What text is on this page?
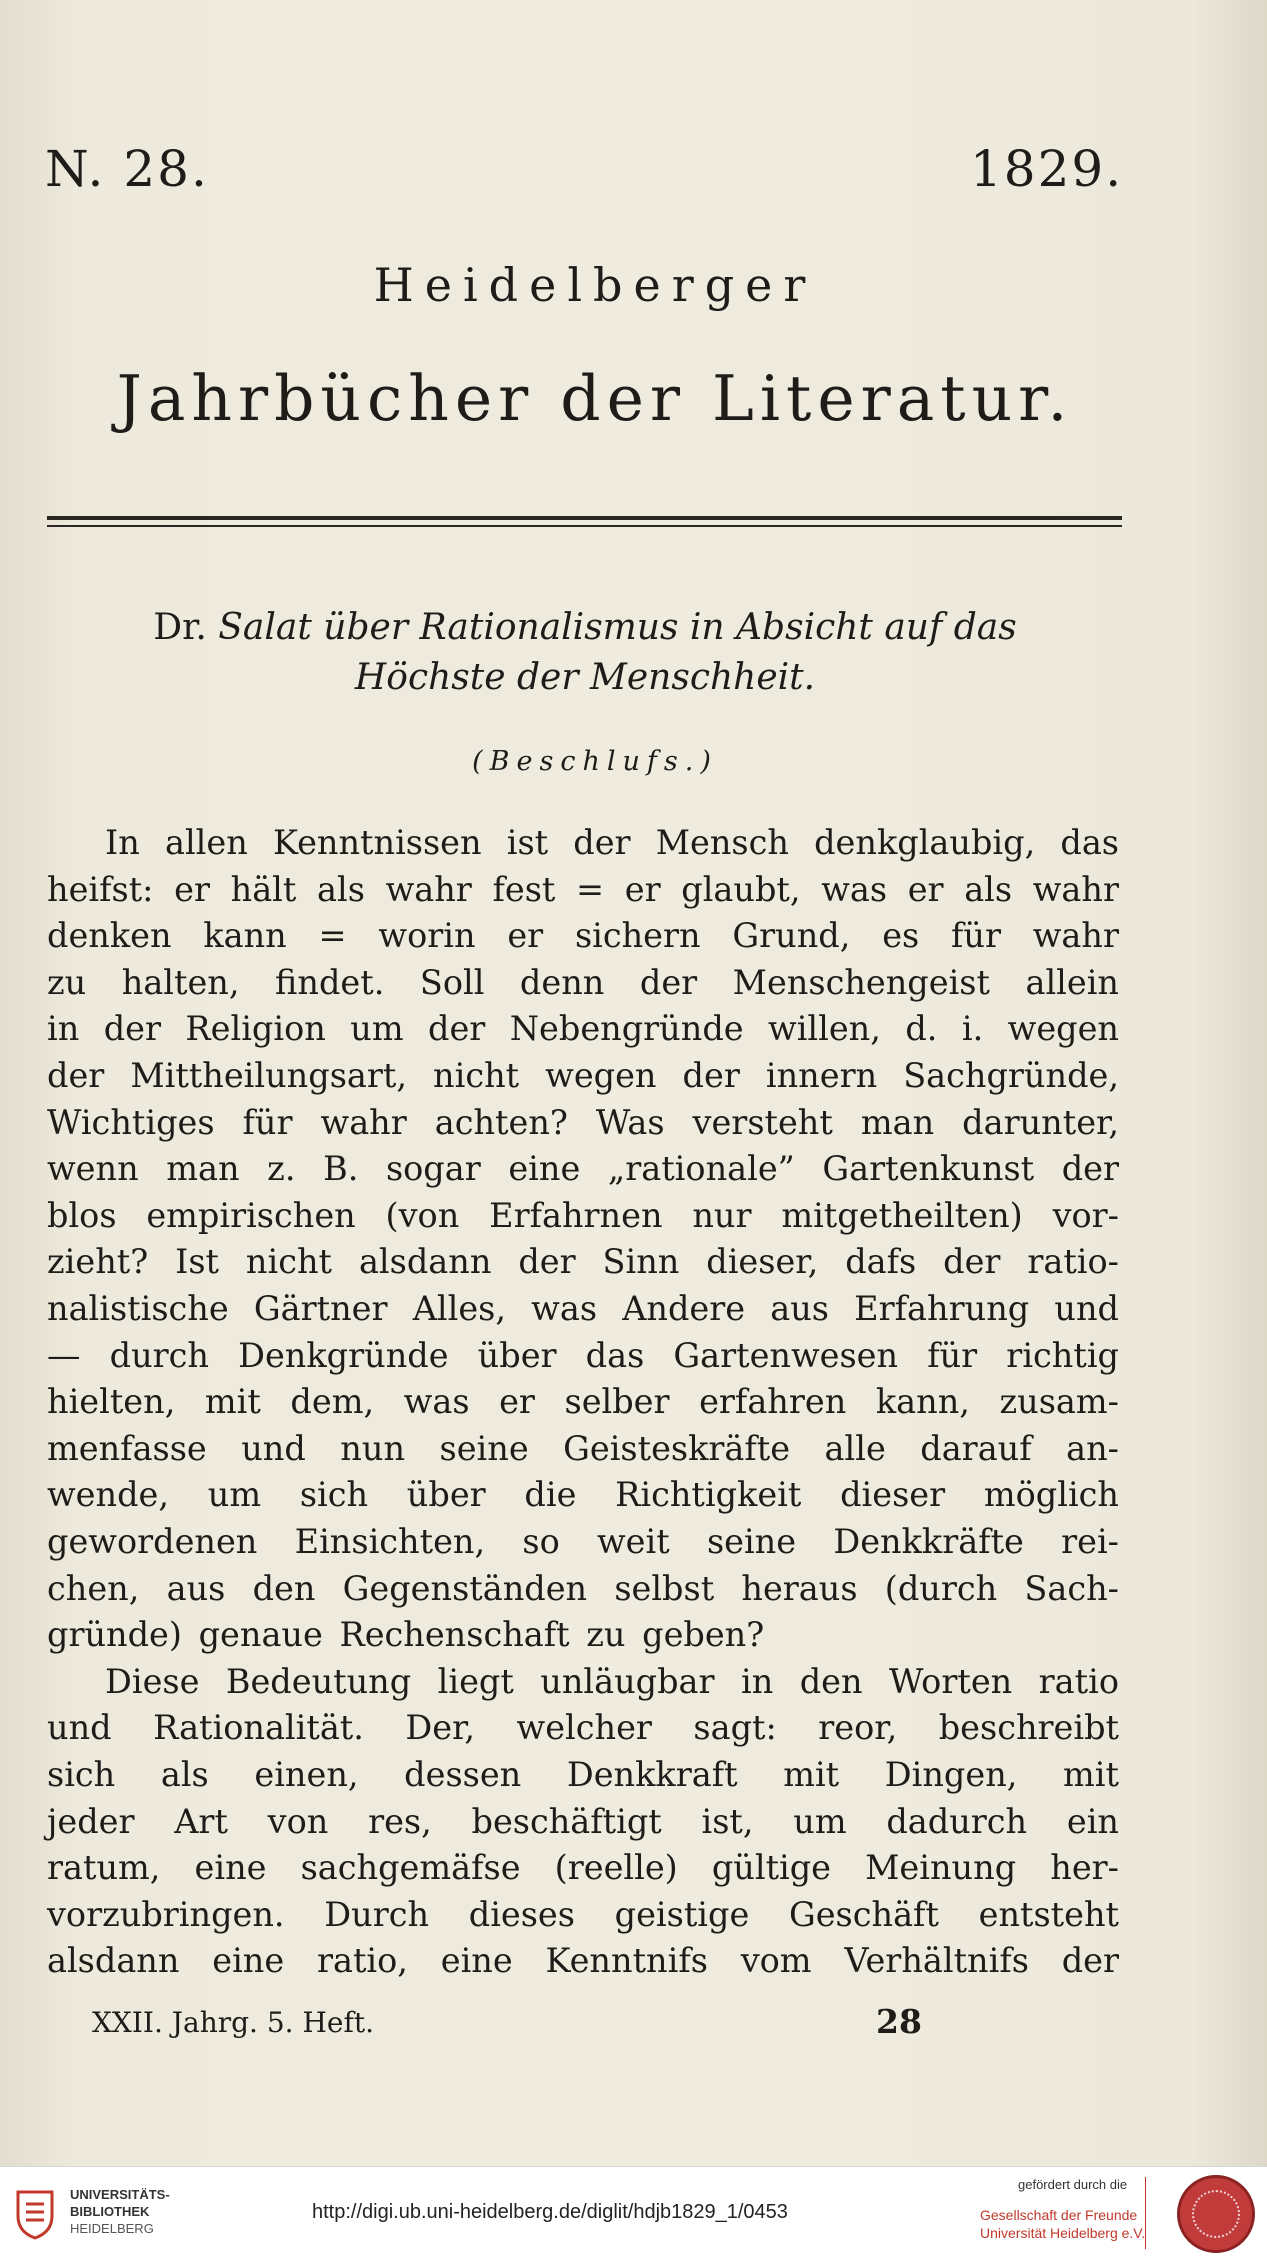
N. 28.	1829.
Heidelberger
Jahrbücher der Literatur.
Dr. Salat über Rationalismus in Absicht auf das
Höchste der Menschheit.
(Beschlufs.)
In allen Kenntnissen ist der Mensch denkglaubig, das
heifst: er hält als wahr fest = er glaubt, was er als wahr
denken kann = worin er sichern Grund, es für wahr
zu halten, findet. Soll denn der Menschengeist allein
in der Religion um der Nebengründe willen, d. i. wegen
der Mittheilungsart, nicht wegen der innern Sachgründe,
Wichtiges für wahr achten? Was versteht man darunter,
wenn man z. B. sogar eine „rationale” Gartenkunst der
blos empirischen (von Erfahrnen nur mitgetheilten) vor-
zieht? Ist nicht alsdann der Sinn dieser, dafs der ratio-
nalistische Gärtner Alles, was Andere aus Erfahrung und
— durch Denkgründe über das Gartenwesen für richtig
hielten, mit dem, was er selber erfahren kann, zusam-
menfasse und nun seine Geisteskräfte alle darauf an-
wende, um sich über die Richtigkeit dieser möglich
gewordenen Einsichten, so weit seine Denkkräfte rei-
chen, aus den Gegenständen selbst heraus (durch Sach-
gründe) genaue Rechenschaft zu geben?
Diese Bedeutung liegt unläugbar in den Worten ratio
und Rationalität. Der, welcher sagt: reor, beschreibt
sich als einen, dessen Denkkraft mit Dingen, mit
jeder Art von res, beschäftigt ist, um dadurch ein
ratum, eine sachgemäfse (reelle) gültige Meinung her-
vorzubringen. Durch dieses geistige Geschäft entsteht
alsdann eine ratio, eine Kenntnifs vom Verhältnifs der
XXII. Jahrg. 5. Heft.	28
UNIVERSITÄTS-
BIBLIOTHEK
HEIDELBERG
http://digi.ub.uni-heidelberg.de/diglit/hdjb1829_1/0453
gefördert durch die
Gesellschaft der Freunde
Universität Heidelberg e.V.
